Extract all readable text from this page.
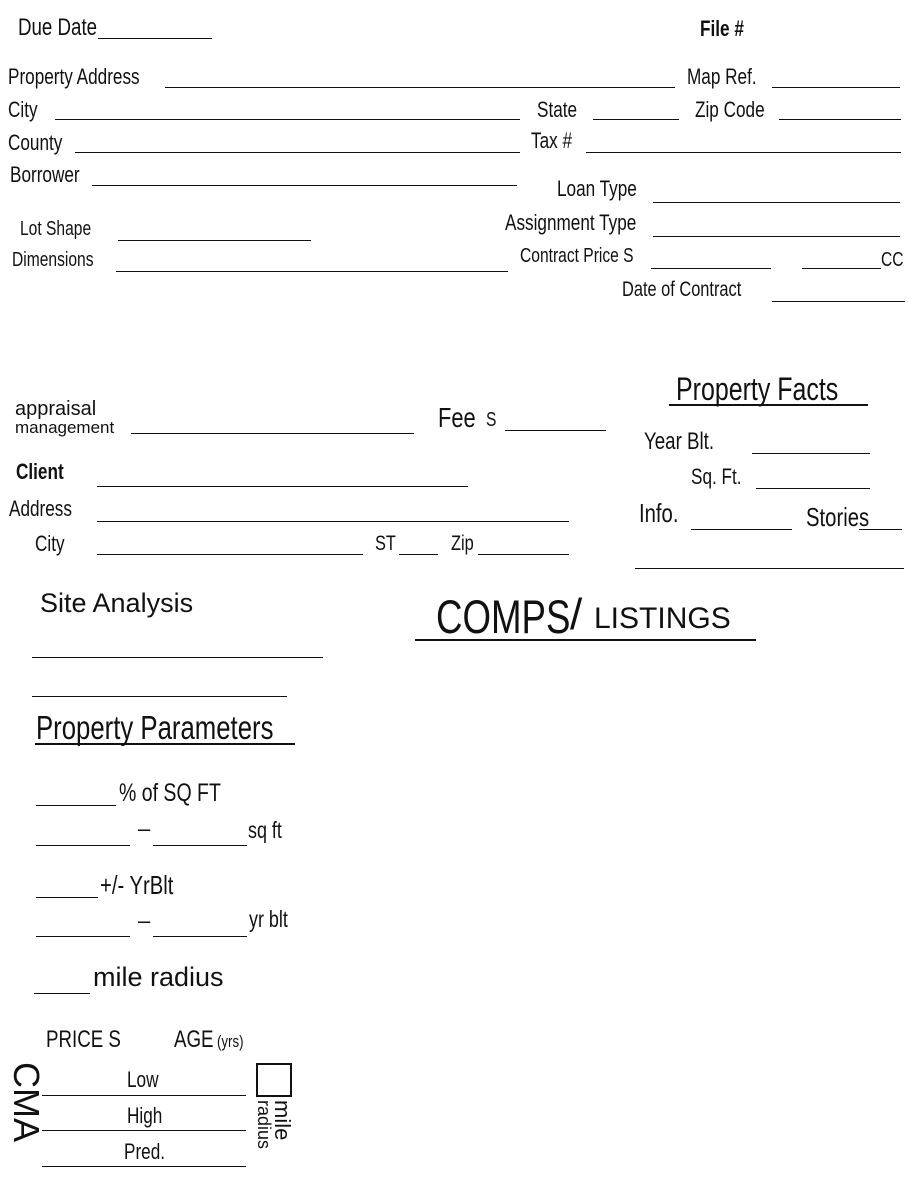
Due Date	File #
Property Address	Map Ref.
City	State	Zip Code
County	Tax #
Borrower
Loan Type
Assignment Type
Lot Shape
Dimensions	Contract Price S	CC
Date of Contract
Property Facts
Year Blt.
Sq. Ft.
Info.	Stories
appraisal
management	Fee S
Client
Address
City	ST	Zip
Site Analysis	COMPS / LISTINGS
Property Parameters
% of SQ FT
–	sq ft
+/- YrBlt
–	yr blt
mile radius
PRICE S AGE (yrs)
CMA	Low
High
Pred.
mile
radius
